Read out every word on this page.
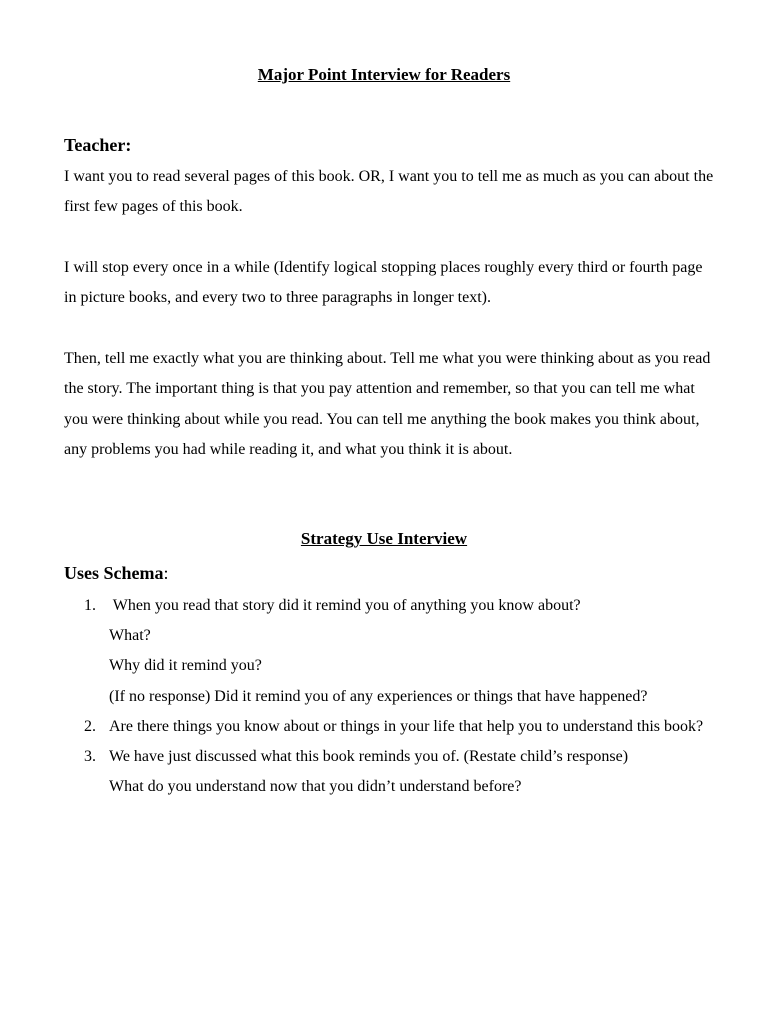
Major Point Interview for Readers
Teacher:

I want you to read several pages of this book. OR, I want you to tell me as much as you can about the first few pages of this book.

I will stop every once in a while (Identify logical stopping places roughly every third or fourth page in picture books, and every two to three paragraphs in longer text).

Then, tell me exactly what you are thinking about. Tell me what you were thinking about as you read the story. The important thing is that you pay attention and remember, so that you can tell me what you were thinking about while you read. You can tell me anything the book makes you think about, any problems you had while reading it, and what you think it is about.

Strategy Use Interview
Uses Schema:
1. When you read that story did it remind you of anything you know about?
What?
Why did it remind you?
(If no response) Did it remind you of any experiences or things that have happened?
2. Are there things you know about or things in your life that help you to understand this book?
3. We have just discussed what this book reminds you of. (Restate child’s response)
What do you understand now that you didn’t understand before?
